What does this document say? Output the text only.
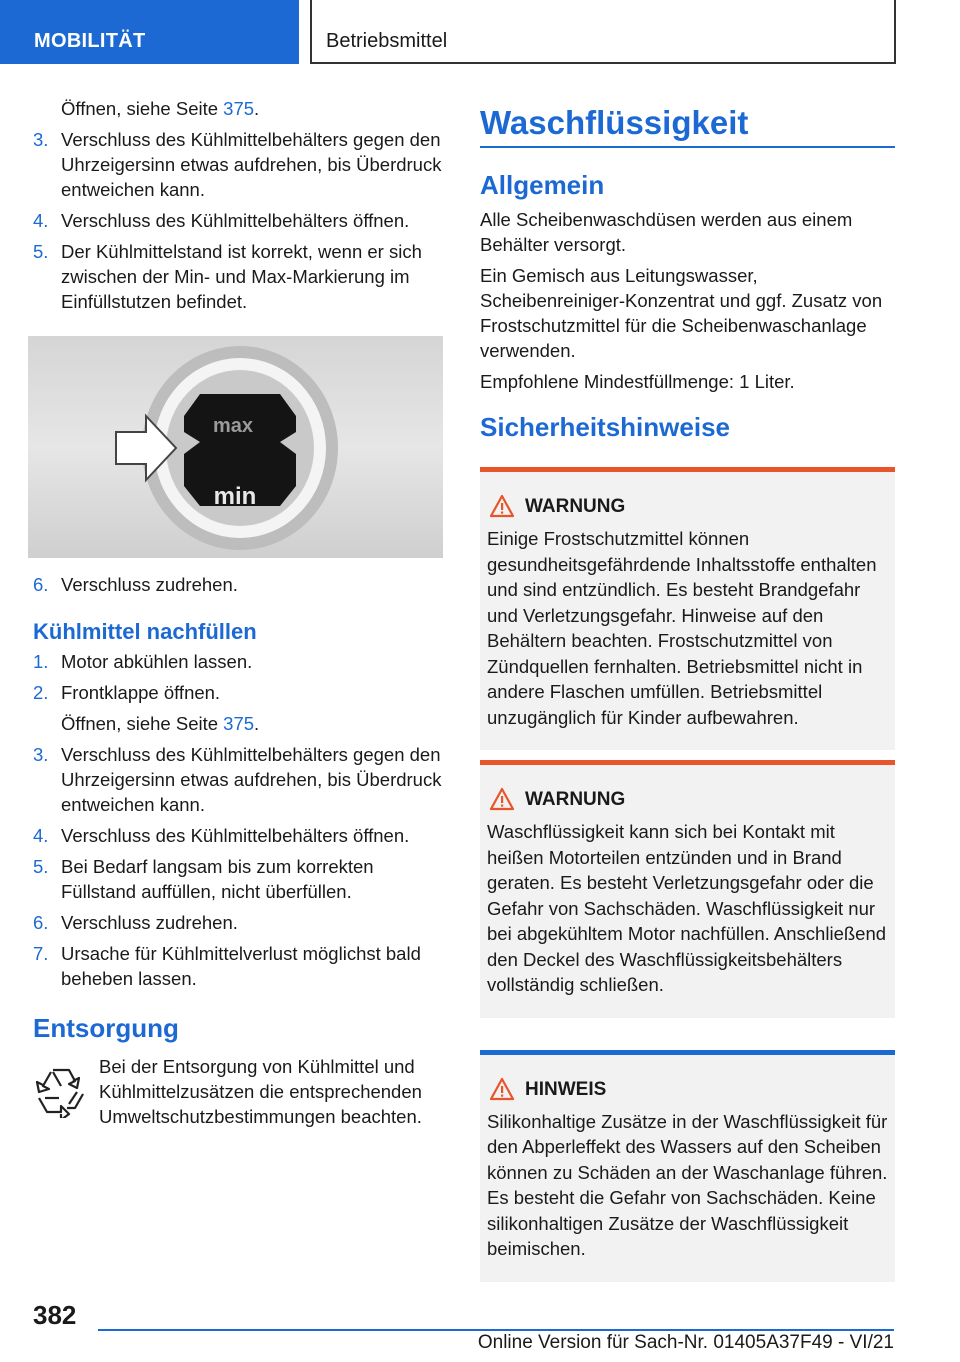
MOBILITÄT	Betriebsmittel
Öffnen, siehe Seite 375.
3. Verschluss des Kühlmittelbehälters gegen den Uhrzeigersinn etwas aufdrehen, bis Überdruck entweichen kann.
4. Verschluss des Kühlmittelbehälters öffnen.
5. Der Kühlmittelstand ist korrekt, wenn er sich zwischen der Min- und Max-Markierung im Einfüllstutzen befindet.
max
min
6. Verschluss zudrehen.
Kühlmittel nachfüllen
1. Motor abkühlen lassen.
2. Frontklappe öffnen.
Öffnen, siehe Seite 375.
3. Verschluss des Kühlmittelbehälters gegen den Uhrzeigersinn etwas aufdrehen, bis Überdruck entweichen kann.
4. Verschluss des Kühlmittelbehälters öffnen.
5. Bei Bedarf langsam bis zum korrekten Füllstand auffüllen, nicht überfüllen.
6. Verschluss zudrehen.
7. Ursache für Kühlmittelverlust möglichst bald beheben lassen.
Entsorgung
Bei der Entsorgung von Kühlmittel und Kühlmittelzusätzen die entsprechenden Umweltschutzbestimmungen beachten.
Waschflüssigkeit
Allgemein
Alle Scheibenwaschdüsen werden aus einem Behälter versorgt.
Ein Gemisch aus Leitungswasser, Scheibenreiniger-Konzentrat und ggf. Zusatz von Frostschutzmittel für die Scheibenwaschanlage verwenden.
Empfohlene Mindestfüllmenge: 1 Liter.
Sicherheitshinweise
WARNUNG
Einige Frostschutzmittel können gesundheitsgefährdende Inhaltsstoffe enthalten und sind entzündlich. Es besteht Brandgefahr und Verletzungsgefahr. Hinweise auf den Behältern beachten. Frostschutzmittel von Zündquellen fernhalten. Betriebsmittel nicht in andere Flaschen umfüllen. Betriebsmittel unzugänglich für Kinder aufbewahren.
WARNUNG
Waschflüssigkeit kann sich bei Kontakt mit heißen Motorteilen entzünden und in Brand geraten. Es besteht Verletzungsgefahr oder die Gefahr von Sachschäden. Waschflüssigkeit nur bei abgekühltem Motor nachfüllen. Anschließend den Deckel des Waschflüssigkeitsbehälters vollständig schließen.
HINWEIS
Silikonhaltige Zusätze in der Waschflüssigkeit für den Abperleffekt des Wassers auf den Scheiben können zu Schäden an der Waschanlage führen. Es besteht die Gefahr von Sachschäden. Keine silikonhaltigen Zusätze der Waschflüssigkeit beimischen.
382
Online Version für Sach-Nr. 01405A37F49 - VI/21
